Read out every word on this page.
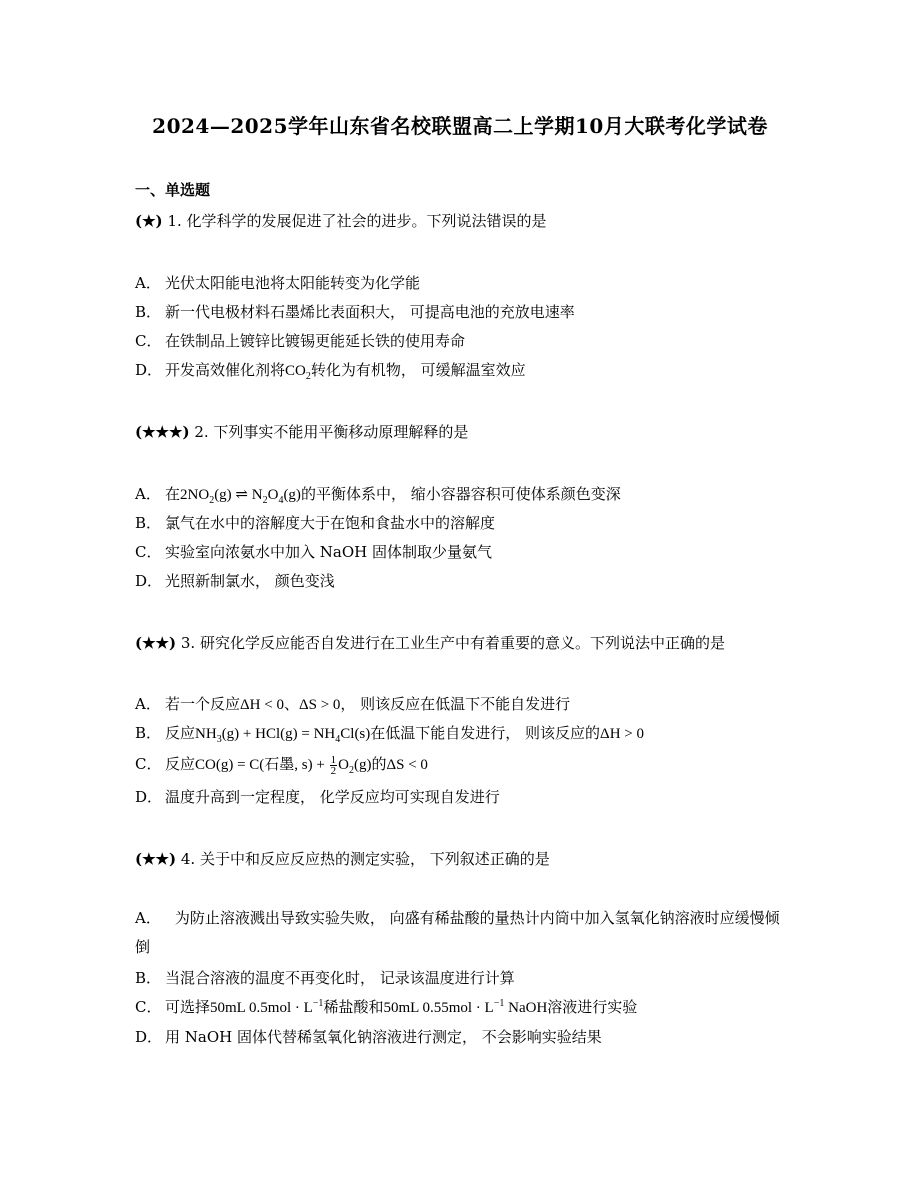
2024—2025学年山东省名校联盟高二上学期10月大联考化学试卷
一、单选题
(★) 1. 化学科学的发展促进了社会的进步。下列说法错误的是
A． 光伏太阳能电池将太阳能转变为化学能
B． 新一代电极材料石墨烯比表面积大， 可提高电池的充放电速率
C． 在铁制品上镀锌比镀锡更能延长铁的使用寿命
D． 开发高效催化剂将$CO_2$转化为有机物， 可缓解温室效应
(★★★) 2. 下列事实不能用平衡移动原理解释的是
A． 在$2NO_2(g)$ ⇌ $N_2O_4(g)$的平衡体系中， 缩小容器容积可使体系颜色变深
B． 氯气在水中的溶解度大于在饱和食盐水中的溶解度
C． 实验室向浓氨水中加入 NaOH 固体制取少量氨气
D． 光照新制氯水， 颜色变浅
(★★) 3. 研究化学反应能否自发进行在工业生产中有着重要的意义。下列说法中正确的是
A． 若一个反应ΔH < 0、ΔS > 0， 则该反应在低温下不能自发进行
B． 反应$NH_3(g) + HCl(g) = NH_4Cl(s)$在低温下能自发进行， 则该反应的ΔH > 0
C． 反应CO(g) = C(石墨, $s) + \frac{1}{2} O_2(g)$的ΔS < 0
D． 温度升高到一定程度， 化学反应均可实现自发进行
(★★) 4. 关于中和反应反应热的测定实验， 下列叙述正确的是
A． 为防止溶液溅出导致实验失败， 向盛有稀盐酸的量热计内筒中加入氢氧化钠溶液时应缓慢倾倒
B． 当混合溶液的温度不再变化时， 记录该温度进行计算
C． 可选择50mL $0.5mol \cdot L^{-1}$稀盐酸和50mL $0.55mol \cdot L^{-1}$ NaOH溶液进行实验
D． 用 NaOH 固体代替稀氢氧化钠溶液进行测定， 不会影响实验结果
